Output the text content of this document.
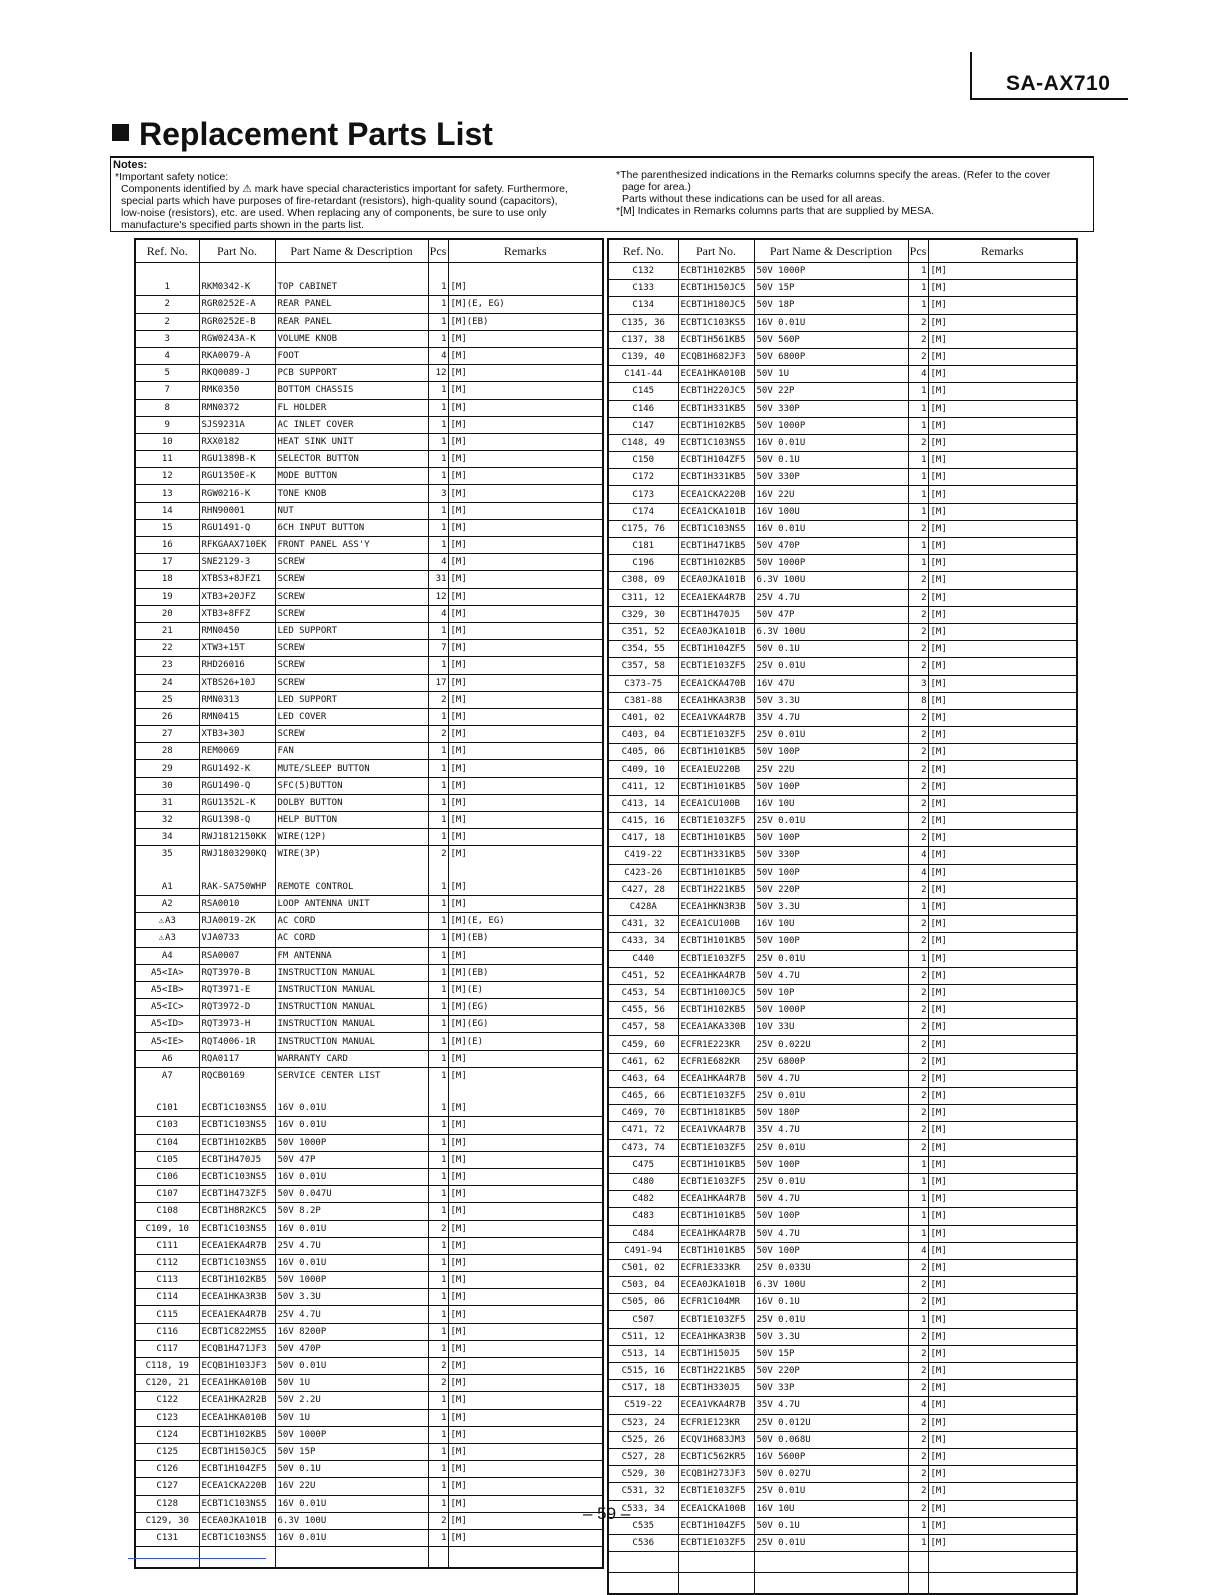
SA-AX710
Replacement Parts List
Notes:

*Important safety notice:

Components identified by ⚠ mark have special characteristics important for safety. Furthermore,

special parts which have purposes of fire-retardant (resistors), high-quality sound (capacitors),

low-noise (resistors), etc. are used. When replacing any of components, be sure to use only

manufacture's specified parts shown in the parts list.

*The parenthesized indications in the Remarks columns specify the areas. (Refer to the cover

page for area.)

Parts without these indications can be used for all areas.

*[M] Indicates in Remarks columns parts that are supplied by MESA.

Ref. No.	Part No.	Part Name & Description	Pcs	Remarks

1	RKM0342-K	TOP CABINET	1	[M]
2	RGR0252E-A	REAR PANEL	1	[M](E, EG)
2	RGR0252E-B	REAR PANEL	1	[M](EB)
3	RGW0243A-K	VOLUME KNOB	1	[M]
4	RKA0079-A	FOOT	4	[M]
5	RKQ0089-J	PCB SUPPORT	12	[M]
7	RMK0350	BOTTOM CHASSIS	1	[M]
8	RMN0372	FL HOLDER	1	[M]
9	SJS9231A	AC INLET COVER	1	[M]
10	RXX0182	HEAT SINK UNIT	1	[M]
11	RGU1389B-K	SELECTOR BUTTON	1	[M]
12	RGU1350E-K	MODE BUTTON	1	[M]
13	RGW0216-K	TONE KNOB	3	[M]
14	RHN90001	NUT	1	[M]
15	RGU1491-Q	6CH INPUT BUTTON	1	[M]
16	RFKGAAX710EK	FRONT PANEL ASS'Y	1	[M]
17	SNE2129-3	SCREW	4	[M]
18	XTBS3+8JFZ1	SCREW	31	[M]
19	XTB3+20JFZ	SCREW	12	[M]
20	XTB3+8FFZ	SCREW	4	[M]
21	RMN0450	LED SUPPORT	1	[M]
22	XTW3+15T	SCREW	7	[M]
23	RHD26016	SCREW	1	[M]
24	XTBS26+10J	SCREW	17	[M]
25	RMN0313	LED SUPPORT	2	[M]
26	RMN0415	LED COVER	1	[M]
27	XTB3+30J	SCREW	2	[M]
28	REM0069	FAN	1	[M]
29	RGU1492-K	MUTE/SLEEP BUTTON	1	[M]
30	RGU1490-Q	SFC(5)BUTTON	1	[M]
31	RGU1352L-K	DOLBY BUTTON	1	[M]
32	RGU1398-Q	HELP BUTTON	1	[M]
34	RWJ1812150KK	WIRE(12P)	1	[M]
35	RWJ1803290KQ	WIRE(3P)	2	[M]

A1	RAK-SA750WHP	REMOTE CONTROL	1	[M]
A2	RSA0010	LOOP ANTENNA UNIT	1	[M]
⚠A3	RJA0019-2K	AC CORD	1	[M](E, EG)
⚠A3	VJA0733	AC CORD	1	[M](EB)
A4	RSA0007	FM ANTENNA	1	[M]
A5<IA>	RQT3970-B	INSTRUCTION MANUAL	1	[M](EB)
A5<IB>	RQT3971-E	INSTRUCTION MANUAL	1	[M](E)
A5<IC>	RQT3972-D	INSTRUCTION MANUAL	1	[M](EG)
A5<ID>	RQT3973-H	INSTRUCTION MANUAL	1	[M](EG)
A5<IE>	RQT4006-1R	INSTRUCTION MANUAL	1	[M](E)
A6	RQA0117	WARRANTY CARD	1	[M]
A7	RQCB0169	SERVICE CENTER LIST	1	[M]

C101	ECBT1C103NS5	16V 0.01U	1	[M]
C103	ECBT1C103NS5	16V 0.01U	1	[M]
C104	ECBT1H102KB5	50V 1000P	1	[M]
C105	ECBT1H470J5	50V 47P	1	[M]
C106	ECBT1C103NS5	16V 0.01U	1	[M]
C107	ECBT1H473ZF5	50V 0.047U	1	[M]
C108	ECBT1H8R2KC5	50V 8.2P	1	[M]
C109, 10	ECBT1C103NS5	16V 0.01U	2	[M]
C111	ECEA1EKA4R7B	25V 4.7U	1	[M]
C112	ECBT1C103NS5	16V 0.01U	1	[M]
C113	ECBT1H102KB5	50V 1000P	1	[M]
C114	ECEA1HKA3R3B	50V 3.3U	1	[M]
C115	ECEA1EKA4R7B	25V 4.7U	1	[M]
C116	ECBT1C822MS5	16V 8200P	1	[M]
C117	ECQB1H471JF3	50V 470P	1	[M]
C118, 19	ECQB1H103JF3	50V 0.01U	2	[M]
C120, 21	ECEA1HKA010B	50V 1U	2	[M]
C122	ECEA1HKA2R2B	50V 2.2U	1	[M]
C123	ECEA1HKA010B	50V 1U	1	[M]
C124	ECBT1H102KB5	50V 1000P	1	[M]
C125	ECBT1H150JC5	50V 15P	1	[M]
C126	ECBT1H104ZF5	50V 0.1U	1	[M]
C127	ECEA1CKA220B	16V 22U	1	[M]
C128	ECBT1C103NS5	16V 0.01U	1	[M]
C129, 30	ECEA0JKA101B	6.3V 100U	2	[M]
C131	ECBT1C103NS5	16V 0.01U	1	[M]

Ref. No.	Part No.	Part Name & Description	Pcs	Remarks
C132	ECBT1H102KB5	50V 1000P	1	[M]
C133	ECBT1H150JC5	50V 15P	1	[M]
C134	ECBT1H180JC5	50V 18P	1	[M]
C135, 36	ECBT1C103KS5	16V 0.01U	2	[M]
C137, 38	ECBT1H561KB5	50V 560P	2	[M]
C139, 40	ECQB1H682JF3	50V 6800P	2	[M]
C141-44	ECEA1HKA010B	50V 1U	4	[M]
C145	ECBT1H220JC5	50V 22P	1	[M]
C146	ECBT1H331KB5	50V 330P	1	[M]
C147	ECBT1H102KB5	50V 1000P	1	[M]
C148, 49	ECBT1C103NS5	16V 0.01U	2	[M]
C150	ECBT1H104ZF5	50V 0.1U	1	[M]
C172	ECBT1H331KB5	50V 330P	1	[M]
C173	ECEA1CKA220B	16V 22U	1	[M]
C174	ECEA1CKA101B	16V 100U	1	[M]
C175, 76	ECBT1C103NS5	16V 0.01U	2	[M]
C181	ECBT1H471KB5	50V 470P	1	[M]
C196	ECBT1H102KB5	50V 1000P	1	[M]
C308, 09	ECEA0JKA101B	6.3V 100U	2	[M]
C311, 12	ECEA1EKA4R7B	25V 4.7U	2	[M]
C329, 30	ECBT1H470J5	50V 47P	2	[M]
C351, 52	ECEA0JKA101B	6.3V 100U	2	[M]
C354, 55	ECBT1H104ZF5	50V 0.1U	2	[M]
C357, 58	ECBT1E103ZF5	25V 0.01U	2	[M]
C373-75	ECEA1CKA470B	16V 47U	3	[M]
C381-88	ECEA1HKA3R3B	50V 3.3U	8	[M]
C401, 02	ECEA1VKA4R7B	35V 4.7U	2	[M]
C403, 04	ECBT1E103ZF5	25V 0.01U	2	[M]
C405, 06	ECBT1H101KB5	50V 100P	2	[M]
C409, 10	ECEA1EU220B	25V 22U	2	[M]
C411, 12	ECBT1H101KB5	50V 100P	2	[M]
C413, 14	ECEA1CU100B	16V 10U	2	[M]
C415, 16	ECBT1E103ZF5	25V 0.01U	2	[M]
C417, 18	ECBT1H101KB5	50V 100P	2	[M]
C419-22	ECBT1H331KB5	50V 330P	4	[M]
C423-26	ECBT1H101KB5	50V 100P	4	[M]
C427, 28	ECBT1H221KB5	50V 220P	2	[M]
C428A	ECEA1HKN3R3B	50V 3.3U	1	[M]
C431, 32	ECEA1CU100B	16V 10U	2	[M]
C433, 34	ECBT1H101KB5	50V 100P	2	[M]
C440	ECBT1E103ZF5	25V 0.01U	1	[M]
C451, 52	ECEA1HKA4R7B	50V 4.7U	2	[M]
C453, 54	ECBT1H100JC5	50V 10P	2	[M]
C455, 56	ECBT1H102KB5	50V 1000P	2	[M]
C457, 58	ECEA1AKA330B	10V 33U	2	[M]
C459, 60	ECFR1E223KR	25V 0.022U	2	[M]
C461, 62	ECFR1E682KR	25V 6800P	2	[M]
C463, 64	ECEA1HKA4R7B	50V 4.7U	2	[M]
C465, 66	ECBT1E103ZF5	25V 0.01U	2	[M]
C469, 70	ECBT1H181KB5	50V 180P	2	[M]
C471, 72	ECEA1VKA4R7B	35V 4.7U	2	[M]
C473, 74	ECBT1E103ZF5	25V 0.01U	2	[M]
C475	ECBT1H101KB5	50V 100P	1	[M]
C480	ECBT1E103ZF5	25V 0.01U	1	[M]
C482	ECEA1HKA4R7B	50V 4.7U	1	[M]
C483	ECBT1H101KB5	50V 100P	1	[M]
C484	ECEA1HKA4R7B	50V 4.7U	1	[M]
C491-94	ECBT1H101KB5	50V 100P	4	[M]
C501, 02	ECFR1E333KR	25V 0.033U	2	[M]
C503, 04	ECEA0JKA101B	6.3V 100U	2	[M]
C505, 06	ECFR1C104MR	16V 0.1U	2	[M]
C507	ECBT1E103ZF5	25V 0.01U	1	[M]
C511, 12	ECEA1HKA3R3B	50V 3.3U	2	[M]
C513, 14	ECBT1H150J5	50V 15P	2	[M]
C515, 16	ECBT1H221KB5	50V 220P	2	[M]
C517, 18	ECBT1H330J5	50V 33P	2	[M]
C519-22	ECEA1VKA4R7B	35V 4.7U	4	[M]
C523, 24	ECFR1E123KR	25V 0.012U	2	[M]
C525, 26	ECQV1H683JM3	50V 0.068U	2	[M]
C527, 28	ECBT1C562KR5	16V 5600P	2	[M]
C529, 30	ECQB1H273JF3	50V 0.027U	2	[M]
C531, 32	ECBT1E103ZF5	25V 0.01U	2	[M]
C533, 34	ECEA1CKA100B	16V 10U	2	[M]
C535	ECBT1H104ZF5	50V 0.1U	1	[M]
C536	ECBT1E103ZF5	25V 0.01U	1	[M]

– 59 –
